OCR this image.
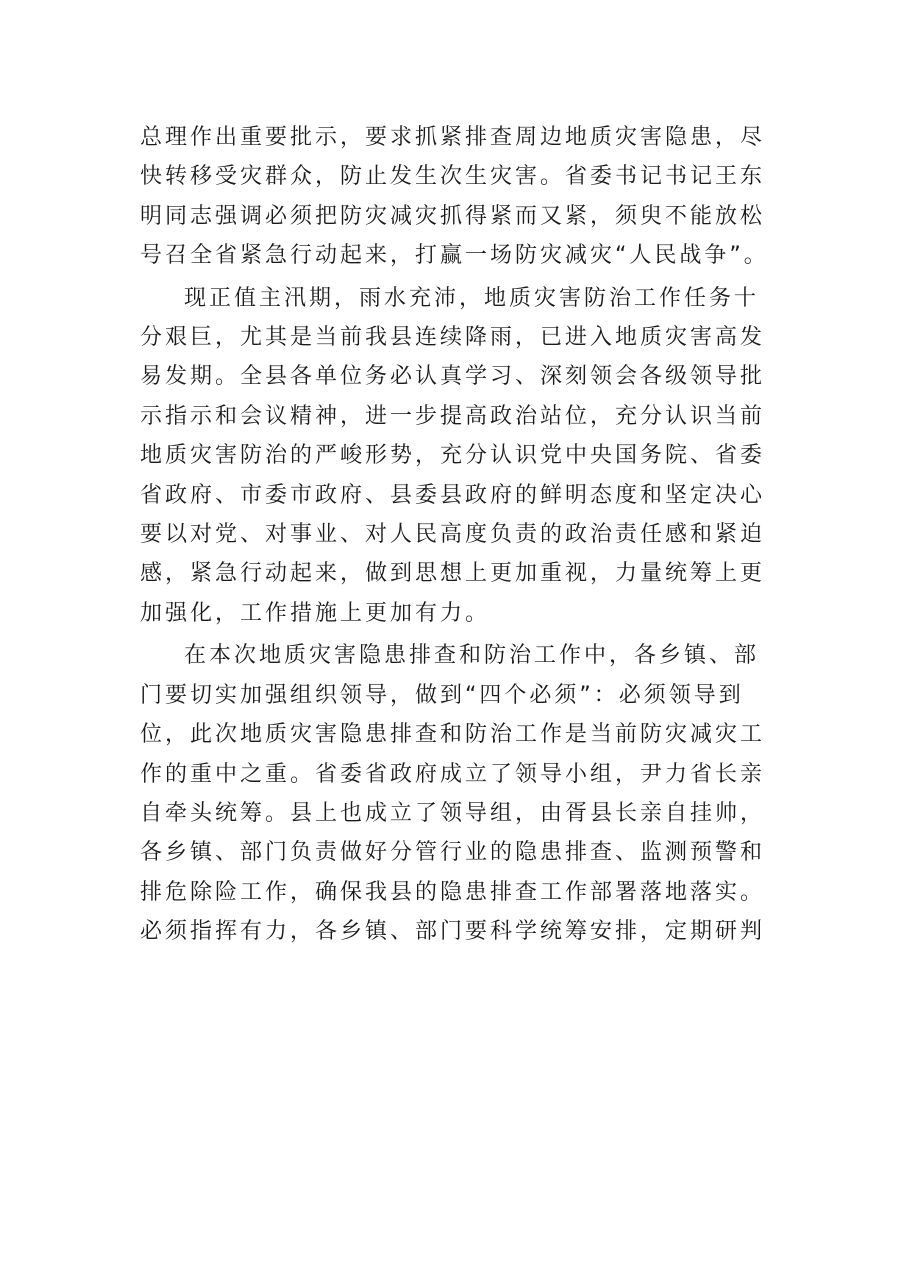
总理作出重要批示，要求抓紧排查周边地质灾害隐患，尽
快转移受灾群众，防止发生次生灾害。省委书记书记王东
明同志强调必须把防灾减灾抓得紧而又紧，须臾不能放松
号召全省紧急行动起来，打赢一场防灾减灾“人民战争”。

现正值主汛期，雨水充沛，地质灾害防治工作任务十
分艰巨，尤其是当前我县连续降雨，已进入地质灾害高发
易发期。全县各单位务必认真学习、深刻领会各级领导批
示指示和会议精神，进一步提高政治站位，充分认识当前
地质灾害防治的严峻形势，充分认识党中央国务院、省委
省政府、市委市政府、县委县政府的鲜明态度和坚定决心
要以对党、对事业、对人民高度负责的政治责任感和紧迫
感，紧急行动起来，做到思想上更加重视，力量统筹上更
加强化，工作措施上更加有力。

在本次地质灾害隐患排查和防治工作中，各乡镇、部
门要切实加强组织领导，做到“四个必须”：必须领导到
位，此次地质灾害隐患排查和防治工作是当前防灾减灾工
作的重中之重。省委省政府成立了领导小组，尹力省长亲
自牵头统筹。县上也成立了领导组，由胥县长亲自挂帅，
各乡镇、部门负责做好分管行业的隐患排查、监测预警和
排危除险工作，确保我县的隐患排查工作部署落地落实。
必须指挥有力，各乡镇、部门要科学统筹安排，定期研判
